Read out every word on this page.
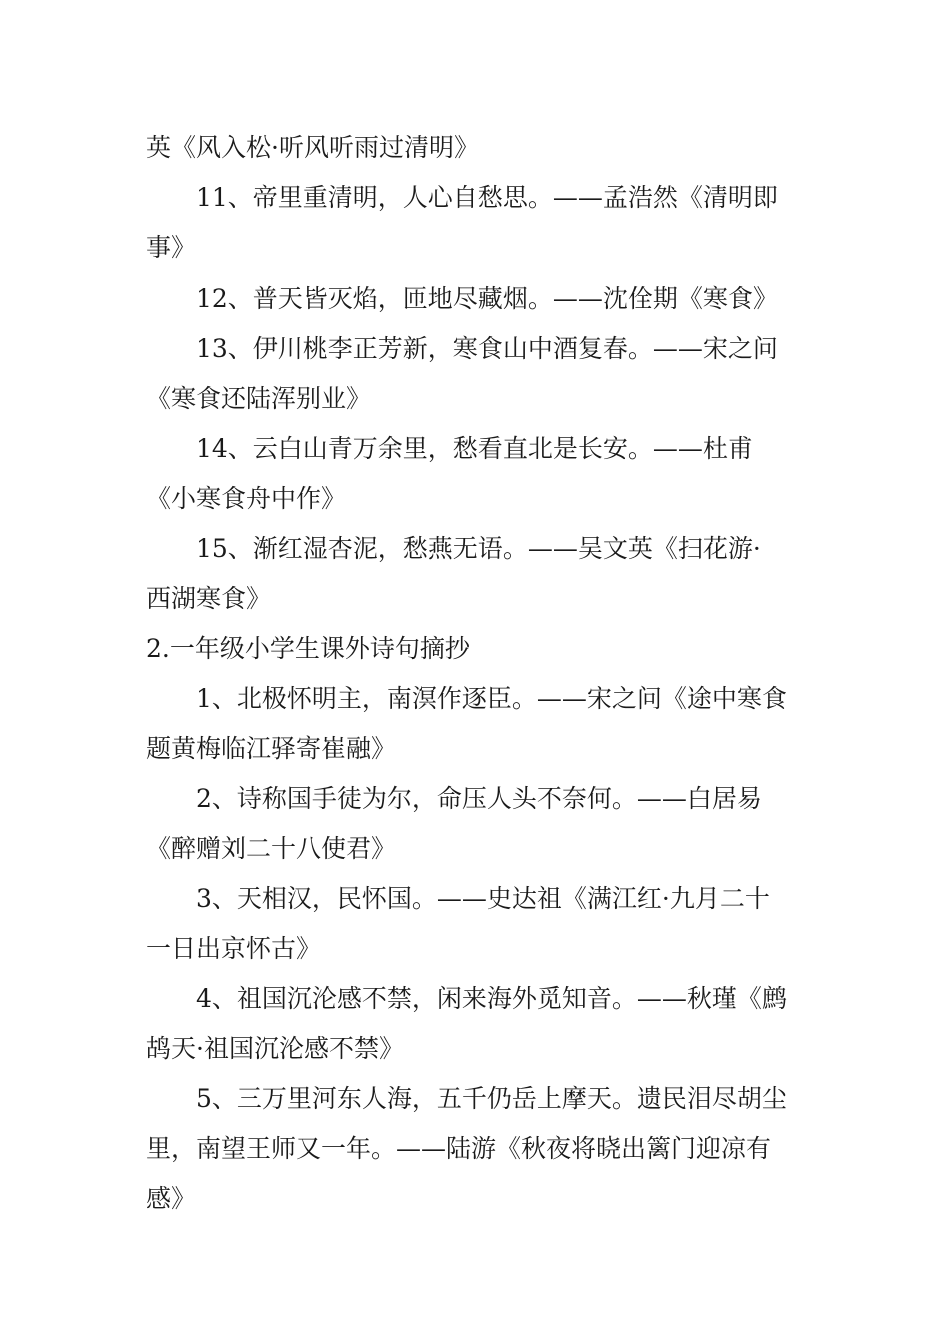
英《风入松·听风听雨过清明》
11、帝里重清明，人心自愁思。——孟浩然《清明即
事》
12、普天皆灭焰，匝地尽藏烟。——沈佺期《寒食》
13、伊川桃李正芳新，寒食山中酒复春。——宋之问
《寒食还陆浑别业》
14、云白山青万余里，愁看直北是长安。——杜甫
《小寒食舟中作》
15、渐红湿杏泥，愁燕无语。——吴文英《扫花游·
西湖寒食》
2.一年级小学生课外诗句摘抄
1、北极怀明主，南溟作逐臣。——宋之问《途中寒食
题黄梅临江驿寄崔融》
2、诗称国手徒为尔，命压人头不奈何。——白居易
《醉赠刘二十八使君》
3、天相汉，民怀国。——史达祖《满江红·九月二十
一日出京怀古》
4、祖国沉沦感不禁，闲来海外觅知音。——秋瑾《鹧
鸪天·祖国沉沦感不禁》
5、三万里河东人海，五千仍岳上摩天。遗民泪尽胡尘
里，南望王师又一年。——陆游《秋夜将晓出篱门迎凉有
感》
